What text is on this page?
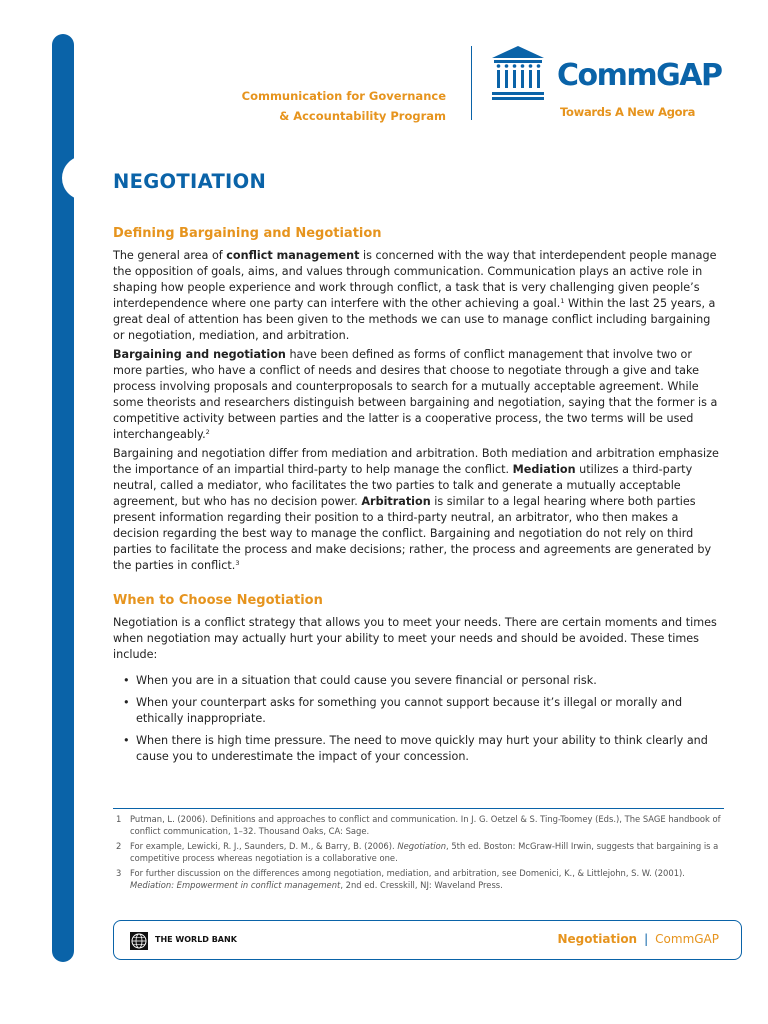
Communication for Governance
& Accountability Program
CommGAP
Towards A New Agora
NEGOTIATION
Defining Bargaining and Negotiation

The general area of conflict management is concerned with the way that interdependent people manage the opposition of goals, aims, and values through communication. Communication plays an active role in shaping how people experience and work through conflict, a task that is very challenging given people’s interdependence where one party can interfere with the other achieving a goal.$^1$ Within the last 25 years, a great deal of attention has been given to the methods we can use to manage conflict including bargaining or negotiation, mediation, and arbitration.

Bargaining and negotiation have been defined as forms of conflict management that involve two or more parties, who have a conflict of needs and desires that choose to negotiate through a give and take process involving proposals and counterproposals to search for a mutually acceptable agreement. While some theorists and researchers distinguish between bargaining and negotiation, saying that the former is a competitive activity between parties and the latter is a cooperative process, the two terms will be used interchangeably.$^2$

Bargaining and negotiation differ from mediation and arbitration. Both mediation and arbitration emphasize the importance of an impartial third-party to help manage the conflict. Mediation utilizes a third-party neutral, called a mediator, who facilitates the two parties to talk and generate a mutually acceptable agreement, but who has no decision power. Arbitration is similar to a legal hearing where both parties present information regarding their position to a third-party neutral, an arbitrator, who then makes a decision regarding the best way to manage the conflict. Bargaining and negotiation do not rely on third parties to facilitate the process and make decisions; rather, the process and agreements are generated by the parties in conflict.$^3$

When to Choose Negotiation

Negotiation is a conflict strategy that allows you to meet your needs. There are certain moments and times when negotiation may actually hurt your ability to meet your needs and should be avoided. These times include:

• When you are in a situation that could cause you severe financial or personal risk.
• When your counterpart asks for something you cannot support because it’s illegal or morally and ethically inappropriate.
• When there is high time pressure. The need to move quickly may hurt your ability to think clearly and cause you to underestimate the impact of your concession.
1	Putman, L. (2006). Definitions and approaches to conflict and communication. In J. G. Oetzel & S. Ting-Toomey (Eds.), The SAGE handbook of conflict communication, 1–32. Thousand Oaks, CA: Sage.
2	For example, Lewicki, R. J., Saunders, D. M., & Barry, B. (2006). Negotiation, 5th ed. Boston: McGraw-Hill Irwin, suggests that bargaining is a competitive process whereas negotiation is a collaborative one.
3	For further discussion on the differences among negotiation, mediation, and arbitration, see Domenici, K., & Littlejohn, S. W. (2001). Mediation: Empowerment in conflict management, 2nd ed. Cresskill, NJ: Waveland Press.
THE WORLD BANK	Negotiation | CommGAP
